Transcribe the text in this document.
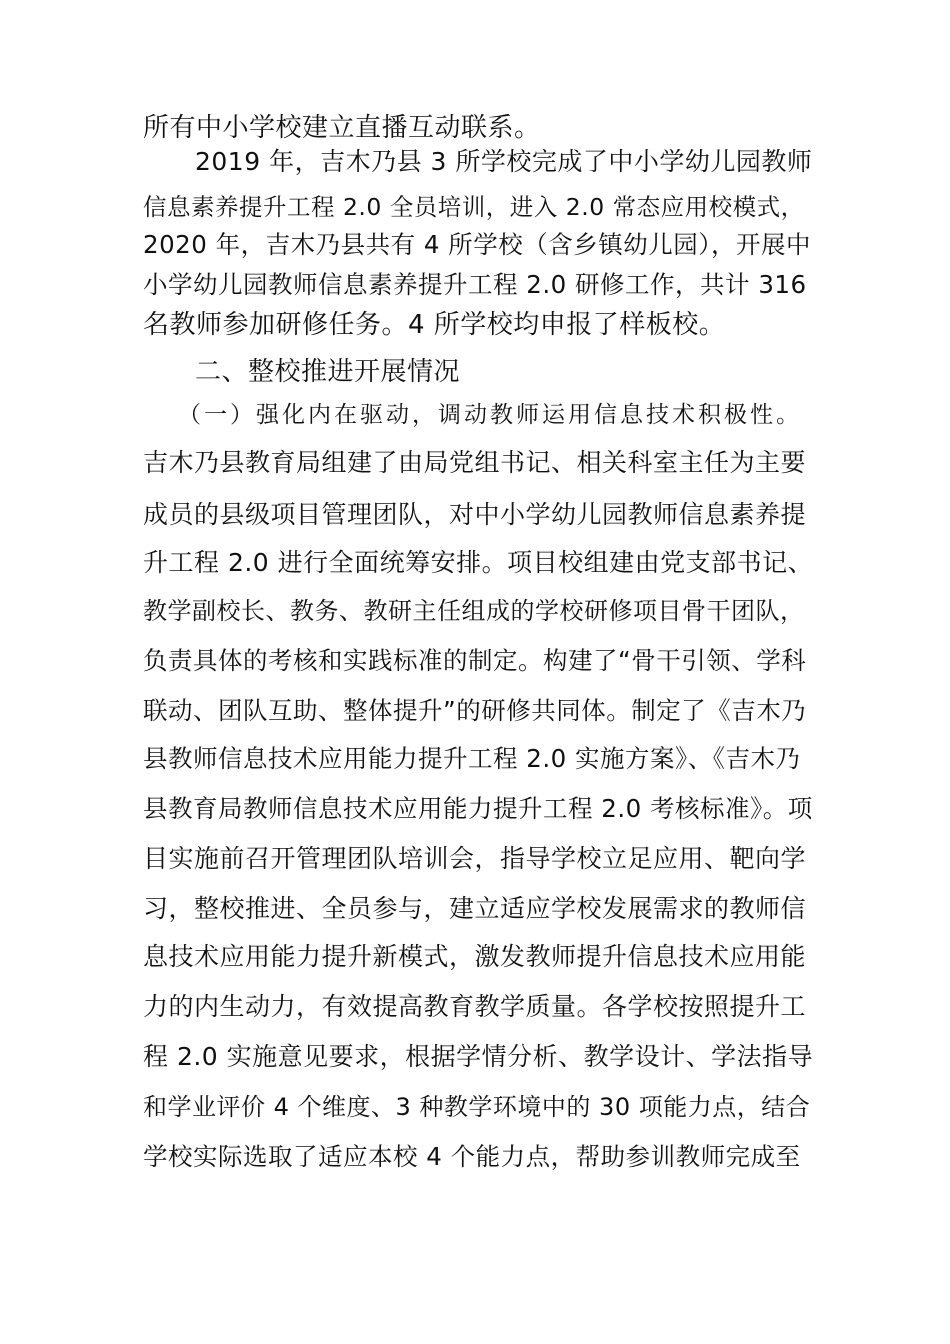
所有中小学校建立直播互动联系。
2019 年，吉木乃县 3 所学校完成了中小学幼儿园教师
信息素养提升工程 2.0 全员培训，进入 2.0 常态应用校模式，
2020 年，吉木乃县共有 4 所学校（含乡镇幼儿园），开展中
小学幼儿园教师信息素养提升工程 2.0 研修工作，共计 316
名教师参加研修任务。4 所学校均申报了样板校。
二、整校推进开展情况
（一）强化内在驱动，调动教师运用信息技术积极性。
吉木乃县教育局组建了由局党组书记、相关科室主任为主要
成员的县级项目管理团队，对中小学幼儿园教师信息素养提
升工程 2.0 进行全面统筹安排。项目校组建由党支部书记、
教学副校长、教务、教研主任组成的学校研修项目骨干团队，
负责具体的考核和实践标准的制定。构建了“骨干引领、学科
联动、团队互助、整体提升”的研修共同体。制定了《吉木乃
县教师信息技术应用能力提升工程 2.0 实施方案》、《吉木乃
县教育局教师信息技术应用能力提升工程 2.0 考核标准》。项
目实施前召开管理团队培训会，指导学校立足应用、靶向学
习，整校推进、全员参与，建立适应学校发展需求的教师信
息技术应用能力提升新模式，激发教师提升信息技术应用能
力的内生动力，有效提高教育教学质量。各学校按照提升工
程 2.0 实施意见要求，根据学情分析、教学设计、学法指导
和学业评价 4 个维度、3 种教学环境中的 30 项能力点，结合
学校实际选取了适应本校 4 个能力点，帮助参训教师完成至
